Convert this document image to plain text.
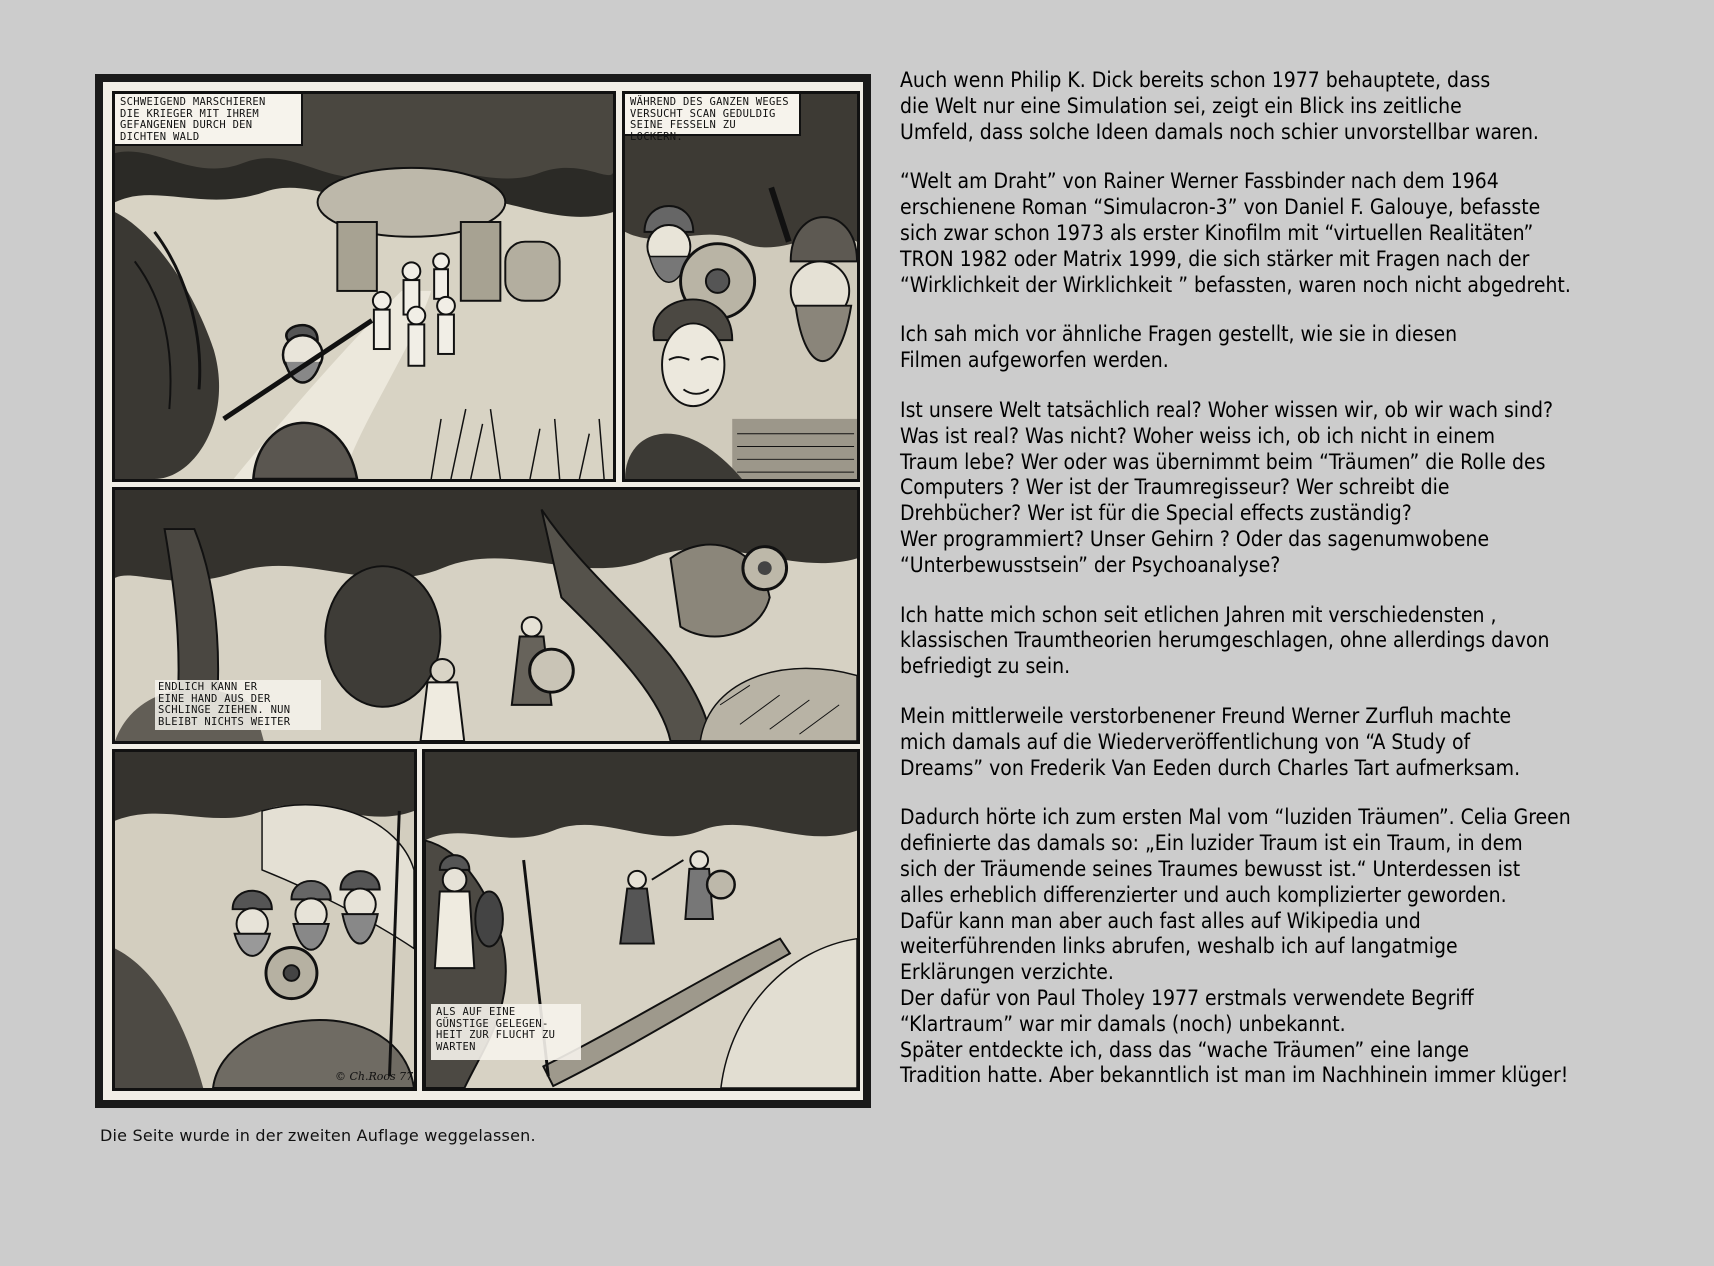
SCHWEIGEND MARSCHIEREN
DIE KRIEGER MIT IHREM
GEFANGENEN DURCH DEN
DICHTEN WALD
WÄHREND DES GANZEN WEGES
VERSUCHT SCAN GEDULDIG
SEINE FESSELN ZU LOCKERN.
ENDLICH KANN ER
EINE HAND AUS DER
SCHLINGE ZIEHEN. NUN
BLEIBT NICHTS WEITER
© Ch.Roos 77
ALS AUF EINE
GÜNSTIGE GELEGEN-
HEIT ZUR FLUCHT ZU
WARTEN
Die Seite wurde in der zweiten Auflage weggelassen.

Auch wenn Philip K. Dick bereits schon 1977 behauptete, dass
die Welt nur eine Simulation sei, zeigt ein Blick ins zeitliche
Umfeld, dass solche Ideen damals noch schier unvorstellbar waren.

“Welt am Draht” von Rainer Werner Fassbinder nach dem 1964
erschienene Roman “Simulacron-3” von Daniel F. Galouye, befasste
sich zwar schon 1973 als erster Kinofilm mit “virtuellen Realitäten”
TRON 1982 oder Matrix 1999, die sich stärker mit Fragen nach der
“Wirklichkeit der Wirklichkeit ” befassten, waren noch nicht abgedreht.

Ich sah mich vor ähnliche Fragen gestellt, wie sie in diesen
Filmen aufgeworfen werden.

Ist unsere Welt tatsächlich real? Woher wissen wir, ob wir wach sind?
Was ist real? Was nicht? Woher weiss ich, ob ich nicht in einem
Traum lebe? Wer oder was übernimmt beim “Träumen” die Rolle des
Computers ? Wer ist der Traumregisseur? Wer schreibt die
Drehbücher? Wer ist für die Special effects zuständig?
Wer programmiert? Unser Gehirn ? Oder das sagenumwobene
“Unterbewusstsein” der Psychoanalyse?

Ich hatte mich schon seit etlichen Jahren mit verschiedensten ,
klassischen Traumtheorien herumgeschlagen, ohne allerdings davon
befriedigt zu sein.

Mein mittlerweile verstorbenener Freund Werner Zurfluh machte
mich damals auf die Wiederveröffentlichung von “A Study of
Dreams” von Frederik Van Eeden durch Charles Tart aufmerksam.

Dadurch hörte ich zum ersten Mal vom “luziden Träumen”. Celia Green
definierte das damals so: „Ein luzider Traum ist ein Traum, in dem
sich der Träumende seines Traumes bewusst ist.“ Unterdessen ist
alles erheblich differenzierter und auch komplizierter geworden.
Dafür kann man aber auch fast alles auf Wikipedia und
weiterführenden links abrufen, weshalb ich auf langatmige
Erklärungen verzichte.
Der dafür von Paul Tholey 1977 erstmals verwendete Begriff
“Klartraum” war mir damals (noch) unbekannt.
Später entdeckte ich, dass das “wache Träumen” eine lange
Tradition hatte. Aber bekanntlich ist man im Nachhinein immer klüger!
